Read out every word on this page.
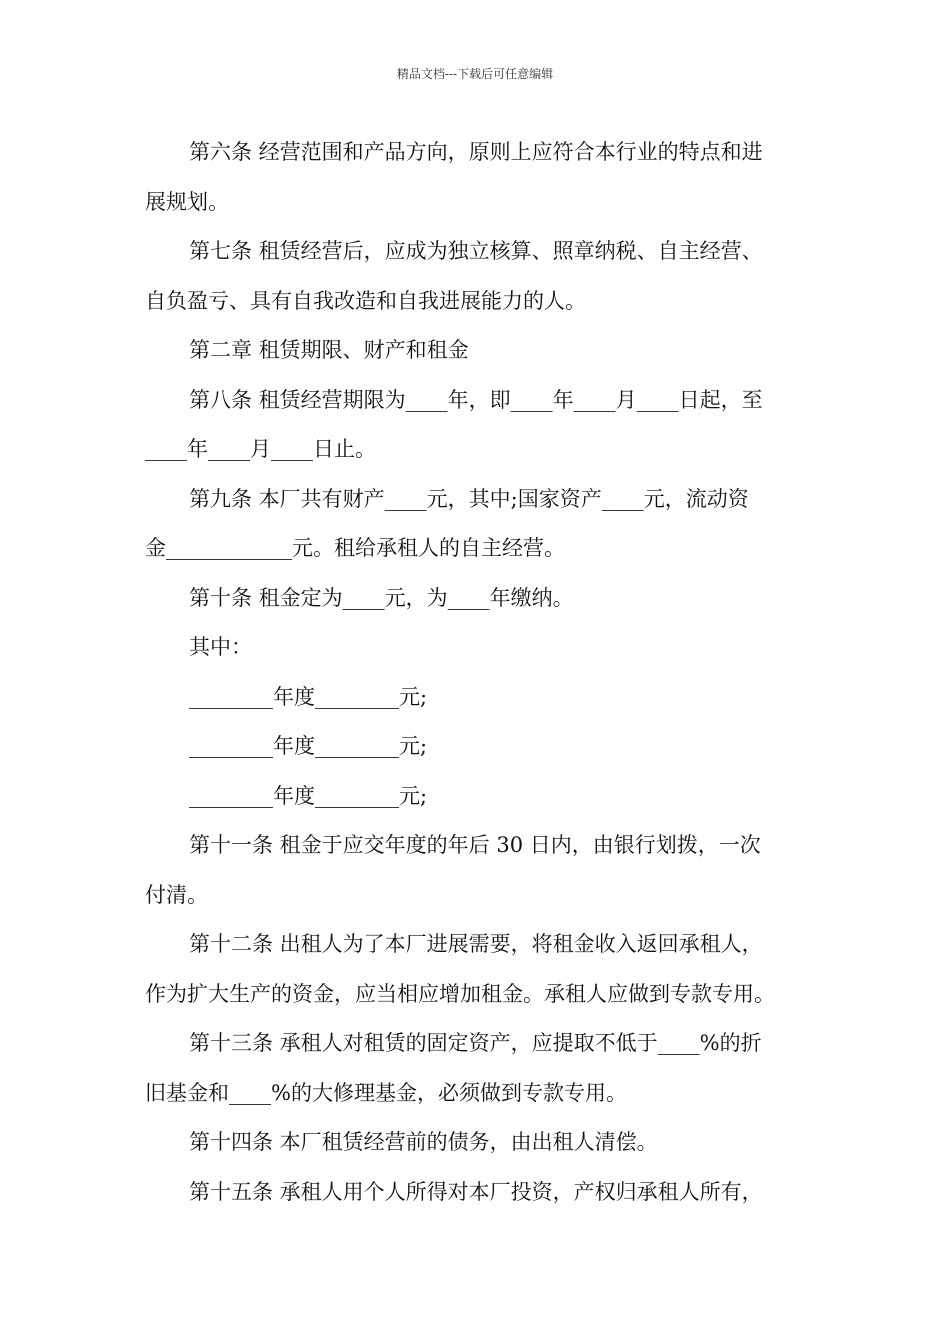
精品文档---下载后可任意编辑
第六条 经营范围和产品方向，原则上应符合本行业的特点和进
展规划。
第七条 租赁经营后，应成为独立核算、照章纳税、自主经营、
自负盈亏、具有自我改造和自我进展能力的人。
第二章 租赁期限、财产和租金
第八条 租赁经营期限为____年，即____年____月____日起，至
____年____月____日止。
第九条 本厂共有财产____元，其中;国家资产____元，流动资
金____________元。租给承租人的自主经营。
第十条 租金定为____元，为____年缴纳。
其中：
________年度________元;
________年度________元;
________年度________元;
第十一条 租金于应交年度的年后 30 日内，由银行划拨，一次
付清。
第十二条 出租人为了本厂进展需要，将租金收入返回承租人，
作为扩大生产的资金，应当相应增加租金。承租人应做到专款专用。
第十三条 承租人对租赁的固定资产，应提取不低于____%的折
旧基金和____%的大修理基金，必须做到专款专用。
第十四条 本厂租赁经营前的债务，由出租人清偿。
第十五条 承租人用个人所得对本厂投资，产权归承租人所有，
